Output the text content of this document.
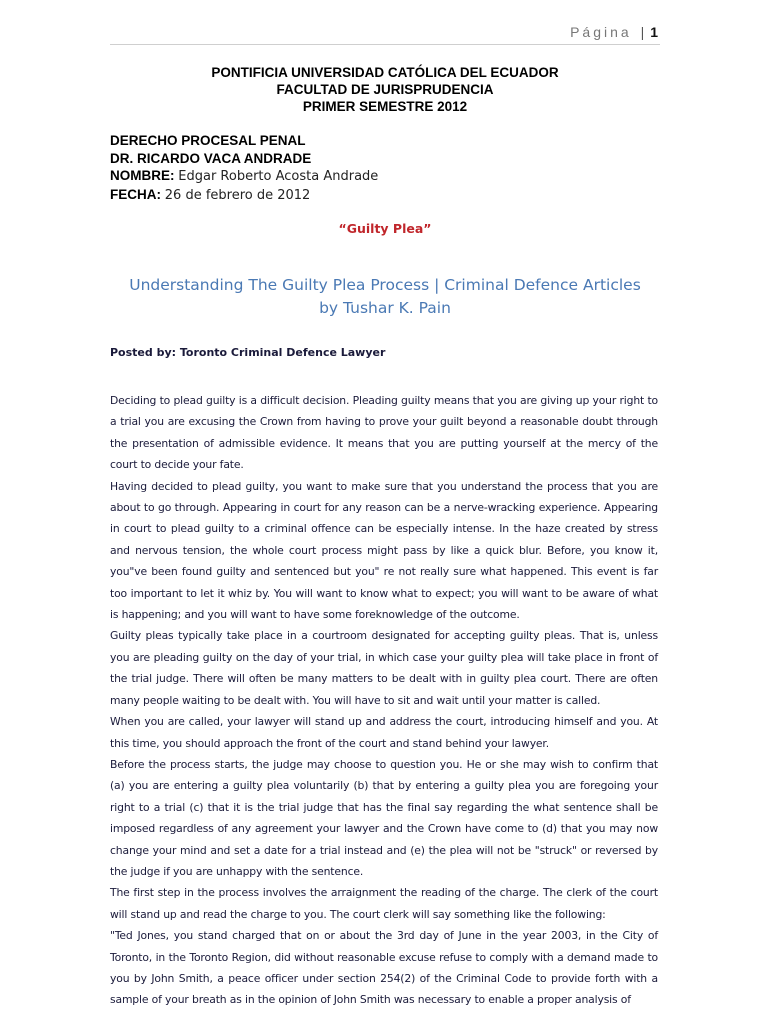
Página | 1
PONTIFICIA UNIVERSIDAD CATÓLICA DEL ECUADOR
FACULTAD DE JURISPRUDENCIA
PRIMER SEMESTRE 2012
DERECHO PROCESAL PENAL
DR. RICARDO VACA ANDRADE
NOMBRE: Edgar Roberto Acosta Andrade
FECHA: 26 de febrero de 2012
“Guilty Plea”
Understanding The Guilty Plea Process | Criminal Defence Articles
by Tushar K. Pain
Posted by: Toronto Criminal Defence Lawyer

Deciding to plead guilty is a difficult decision. Pleading guilty means that you are giving up your right to a trial you are excusing the Crown from having to prove your guilt beyond a reasonable doubt through the presentation of admissible evidence. It means that you are putting yourself at the mercy of the court to decide your fate.

Having decided to plead guilty, you want to make sure that you understand the process that you are about to go through. Appearing in court for any reason can be a nerve-wracking experience. Appearing in court to plead guilty to a criminal offence can be especially intense. In the haze created by stress and nervous tension, the whole court process might pass by like a quick blur. Before, you know it, you"ve been found guilty and sentenced but you" re not really sure what happened. This event is far too important to let it whiz by. You will want to know what to expect; you will want to be aware of what is happening; and you will want to have some foreknowledge of the outcome.

Guilty pleas typically take place in a courtroom designated for accepting guilty pleas. That is, unless you are pleading guilty on the day of your trial, in which case your guilty plea will take place in front of the trial judge. There will often be many matters to be dealt with in guilty plea court. There are often many people waiting to be dealt with. You will have to sit and wait until your matter is called.

When you are called, your lawyer will stand up and address the court, introducing himself and you. At this time, you should approach the front of the court and stand behind your lawyer.

Before the process starts, the judge may choose to question you. He or she may wish to confirm that (a) you are entering a guilty plea voluntarily (b) that by entering a guilty plea you are foregoing your right to a trial (c) that it is the trial judge that has the final say regarding the what sentence shall be imposed regardless of any agreement your lawyer and the Crown have come to (d) that you may now change your mind and set a date for a trial instead and (e) the plea will not be "struck" or reversed by the judge if you are unhappy with the sentence.

The first step in the process involves the arraignment the reading of the charge. The clerk of the court will stand up and read the charge to you. The court clerk will say something like the following:

"Ted Jones, you stand charged that on or about the 3rd day of June in the year 2003, in the City of Toronto, in the Toronto Region, did without reasonable excuse refuse to comply with a demand made to you by John Smith, a peace officer under section 254(2) of the Criminal Code to provide forth with a sample of your breath as in the opinion of John Smith was necessary to enable a proper analysis of
